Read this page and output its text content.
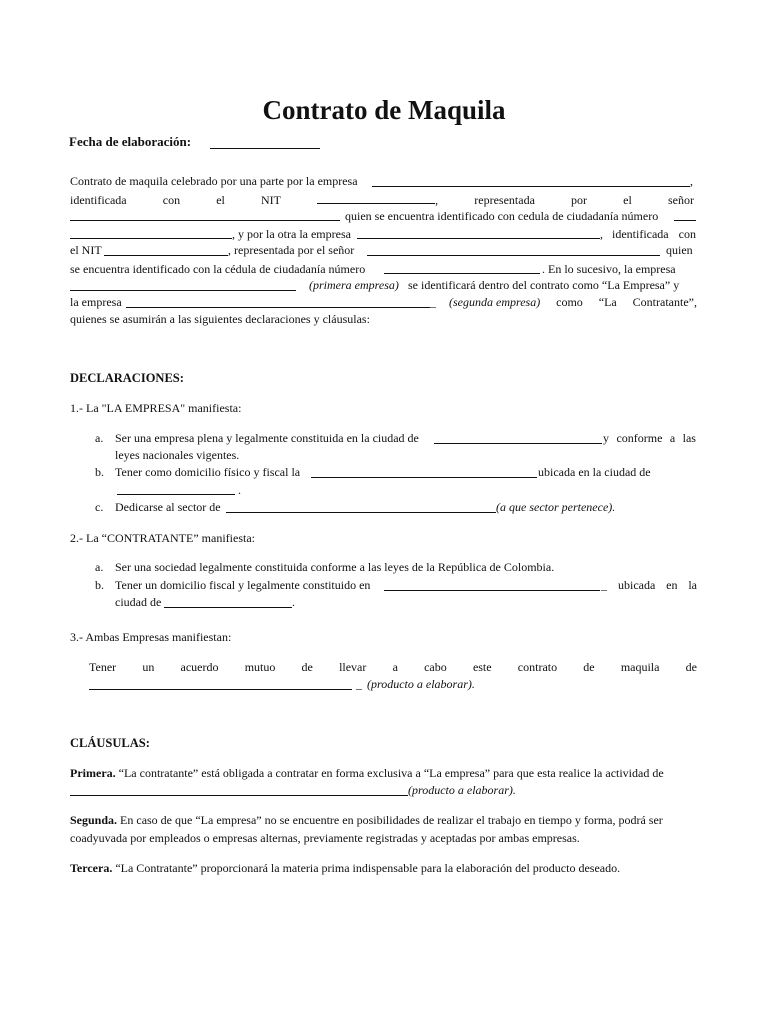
Contrato de Maquila
Fecha de elaboración:
Contrato de maquila celebrado por una parte por la empresa	,
identificada	con	el	NIT	,	representada	por	el	señor
quien se encuentra identificado con cedula de ciudadanía número
, y por la otra la empresa	, identificada con
el NIT	, representada por el señor	quien
se encuentra identificado con la cédula de ciudadanía número	. En lo sucesivo, la empresa
(primera empresa) se identificará dentro del contrato como “La Empresa” y
la empresa	_ (segunda empresa) como “La Contratante”,
quienes se asumirán a las siguientes declaraciones y cláusulas:
DECLARACIONES:
1.- La "LA EMPRESA" manifiesta:
a. Ser una empresa plena y legalmente constituida en la ciudad de	y conforme a las
leyes nacionales vigentes.
b. Tener como domicilio físico y fiscal la	ubicada en la ciudad de
.
c. Dedicarse al sector de	(a que sector pertenece).
2.- La “CONTRATANTE” manifiesta:
a. Ser una sociedad legalmente constituida conforme a las leyes de la República de Colombia.
b. Tener un domicilio fiscal y legalmente constituido en	_ ubicada en la
ciudad de	.
3.- Ambas Empresas manifiestan:
Tener un acuerdo mutuo de llevar a cabo este contrato de maquila de
_ (producto a elaborar).
CLÁUSULAS:
Primera. “La contratante” está obligada a contratar en forma exclusiva a “La empresa” para que esta realice la actividad de
(producto a elaborar).
Segunda. En caso de que “La empresa” no se encuentre en posibilidades de realizar el trabajo en tiempo y forma, podrá ser
coadyuvada por empleados o empresas alternas, previamente registradas y aceptadas por ambas empresas.
Tercera. “La Contratante” proporcionará la materia prima indispensable para la elaboración del producto deseado.
